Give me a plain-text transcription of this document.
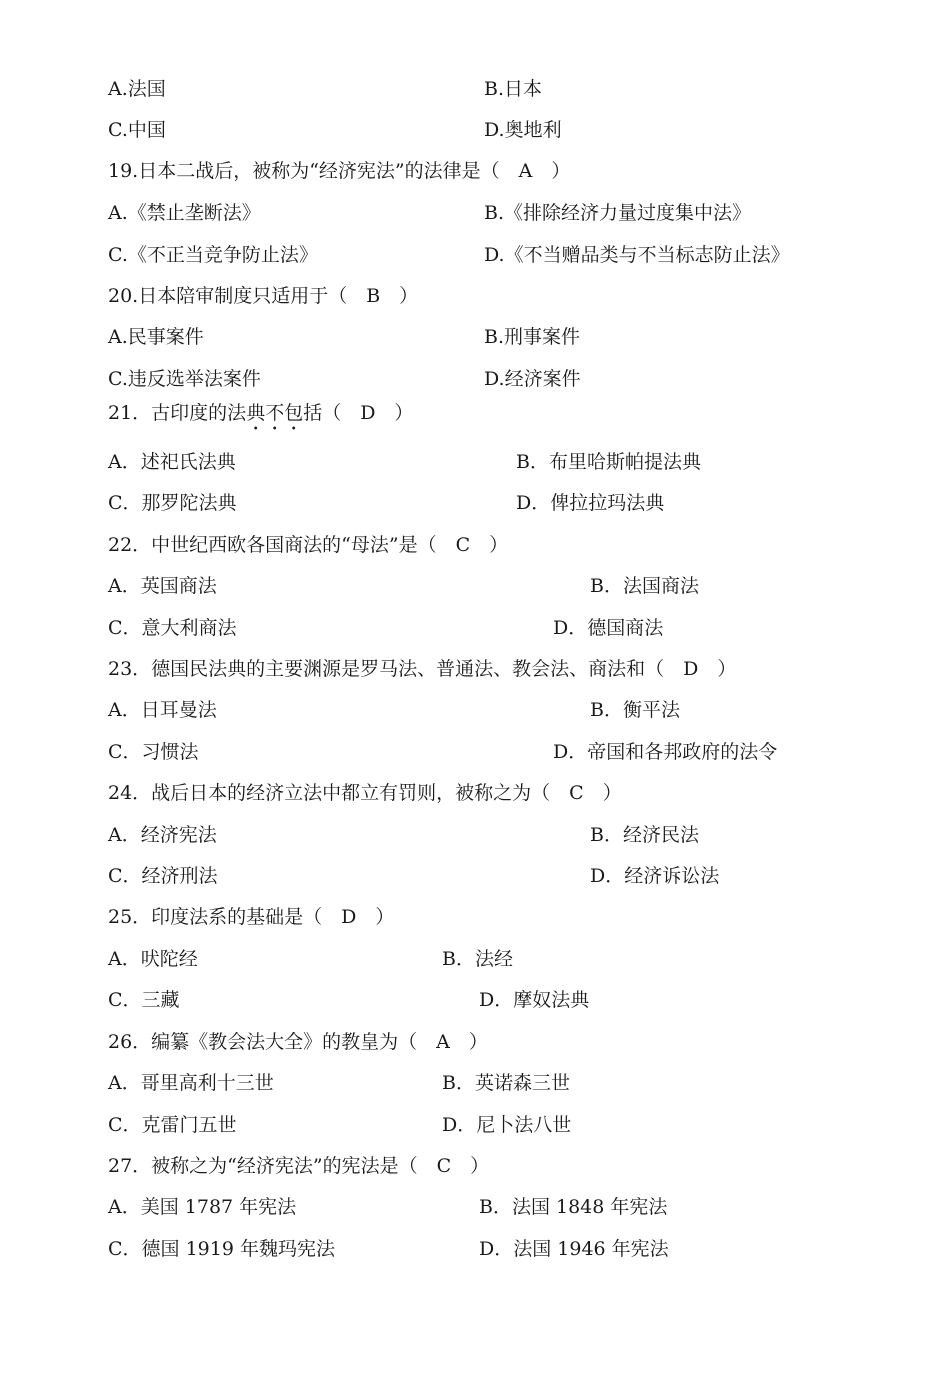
A.法国	B.日本
C.中国	D.奥地利
19.日本二战后，被称为“经济宪法”的法律是（　A　）
A.《禁止垄断法》	B.《排除经济力量过度集中法》
C.《不正当竞争防止法》	D.《不当赠品类与不当标志防止法》
20.日本陪审制度只适用于（　B　）
A.民事案件	B.刑事案件
C.违反选举法案件	D.经济案件
21．古印度的法典不包括（　D　）
A．述祀氏法典	B．布里哈斯帕提法典
C．那罗陀法典	D．俾拉拉玛法典
22．中世纪西欧各国商法的“母法”是（　C　）
A．英国商法	B．法国商法
C．意大利商法	D．德国商法
23．德国民法典的主要渊源是罗马法、普通法、教会法、商法和（　D　）
A．日耳曼法	B．衡平法
C．习惯法	D．帝国和各邦政府的法令
24．战后日本的经济立法中都立有罚则，被称之为（　C　）
A．经济宪法	B．经济民法
C．经济刑法	D．经济诉讼法
25．印度法系的基础是（　D　）
A．吠陀经	B．法经
C．三藏	D．摩奴法典
26．编纂《教会法大全》的教皇为（　A　）
A．哥里高利十三世	B．英诺森三世
C．克雷门五世	D．尼卜法八世
27．被称之为“经济宪法”的宪法是（　C　）
A．美国 1787 年宪法	B．法国 1848 年宪法
C．德国 1919 年魏玛宪法	D．法国 1946 年宪法
